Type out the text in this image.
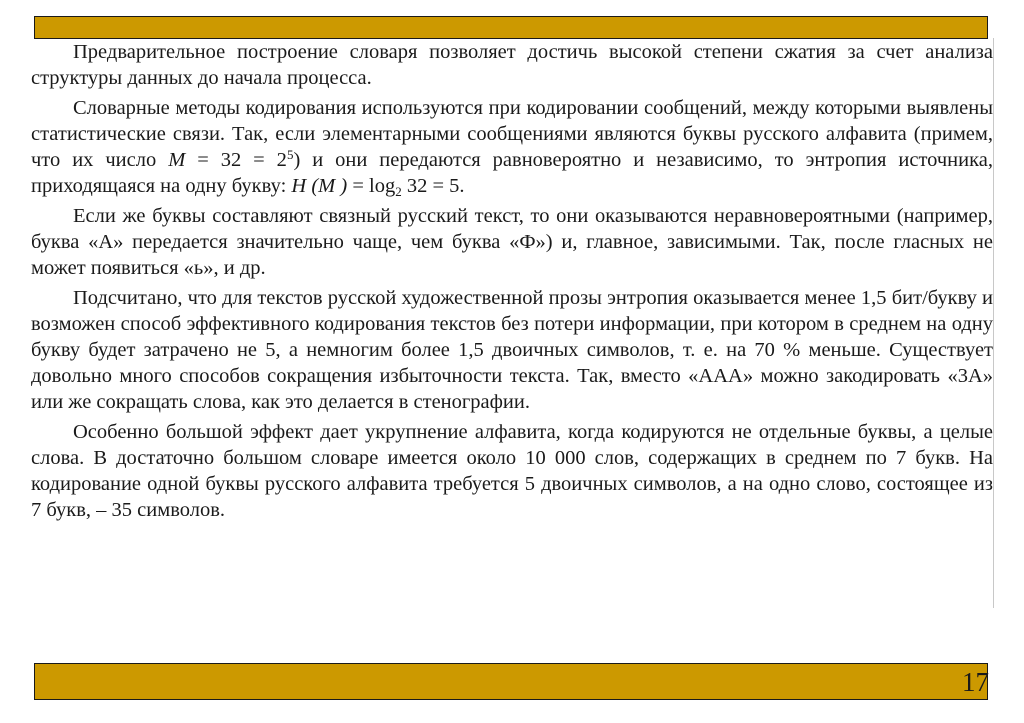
Предварительное построение словаря позволяет достичь высокой степени сжатия за счет анализа структуры данных до начала процесса.

Словарные методы кодирования используются при кодировании сообщений, между которыми выявлены статистические связи. Так, если элементарными сообщениями являются буквы русского алфавита (примем, что их число $M = 32 = 2^5$) и они передаются равновероятно и независимо, то энтропия источника, приходящаяся на одну букву: H (M ) = $\log_2 32 = 5$.

Если же буквы составляют связный русский текст, то они оказываются неравновероятными (например, буква «А» передается значительно чаще, чем буква «Ф») и, главное, зависимыми. Так, после гласных не может появиться «ь», и др.

Подсчитано, что для текстов русской художественной прозы энтропия оказывается менее 1,5 бит/букву и возможен способ эффективного кодирования текстов без потери информации, при котором в среднем на одну букву будет затрачено не 5, а немногим более 1,5 двоичных символов, т. е. на 70 % меньше. Существует довольно много способов сокращения избыточности текста. Так, вместо «ААА» можно закодировать «3А» или же сокращать слова, как это делается в стенографии.

Особенно большой эффект дает укрупнение алфавита, когда кодируются не отдельные буквы, а целые слова. В достаточно большом словаре имеется около 10 000 слов, содержащих в среднем по 7 букв. На кодирование одной буквы русского алфавита требуется 5 двоичных символов, а на одно слово, состоящее из 7 букв, – 35 символов.

17
